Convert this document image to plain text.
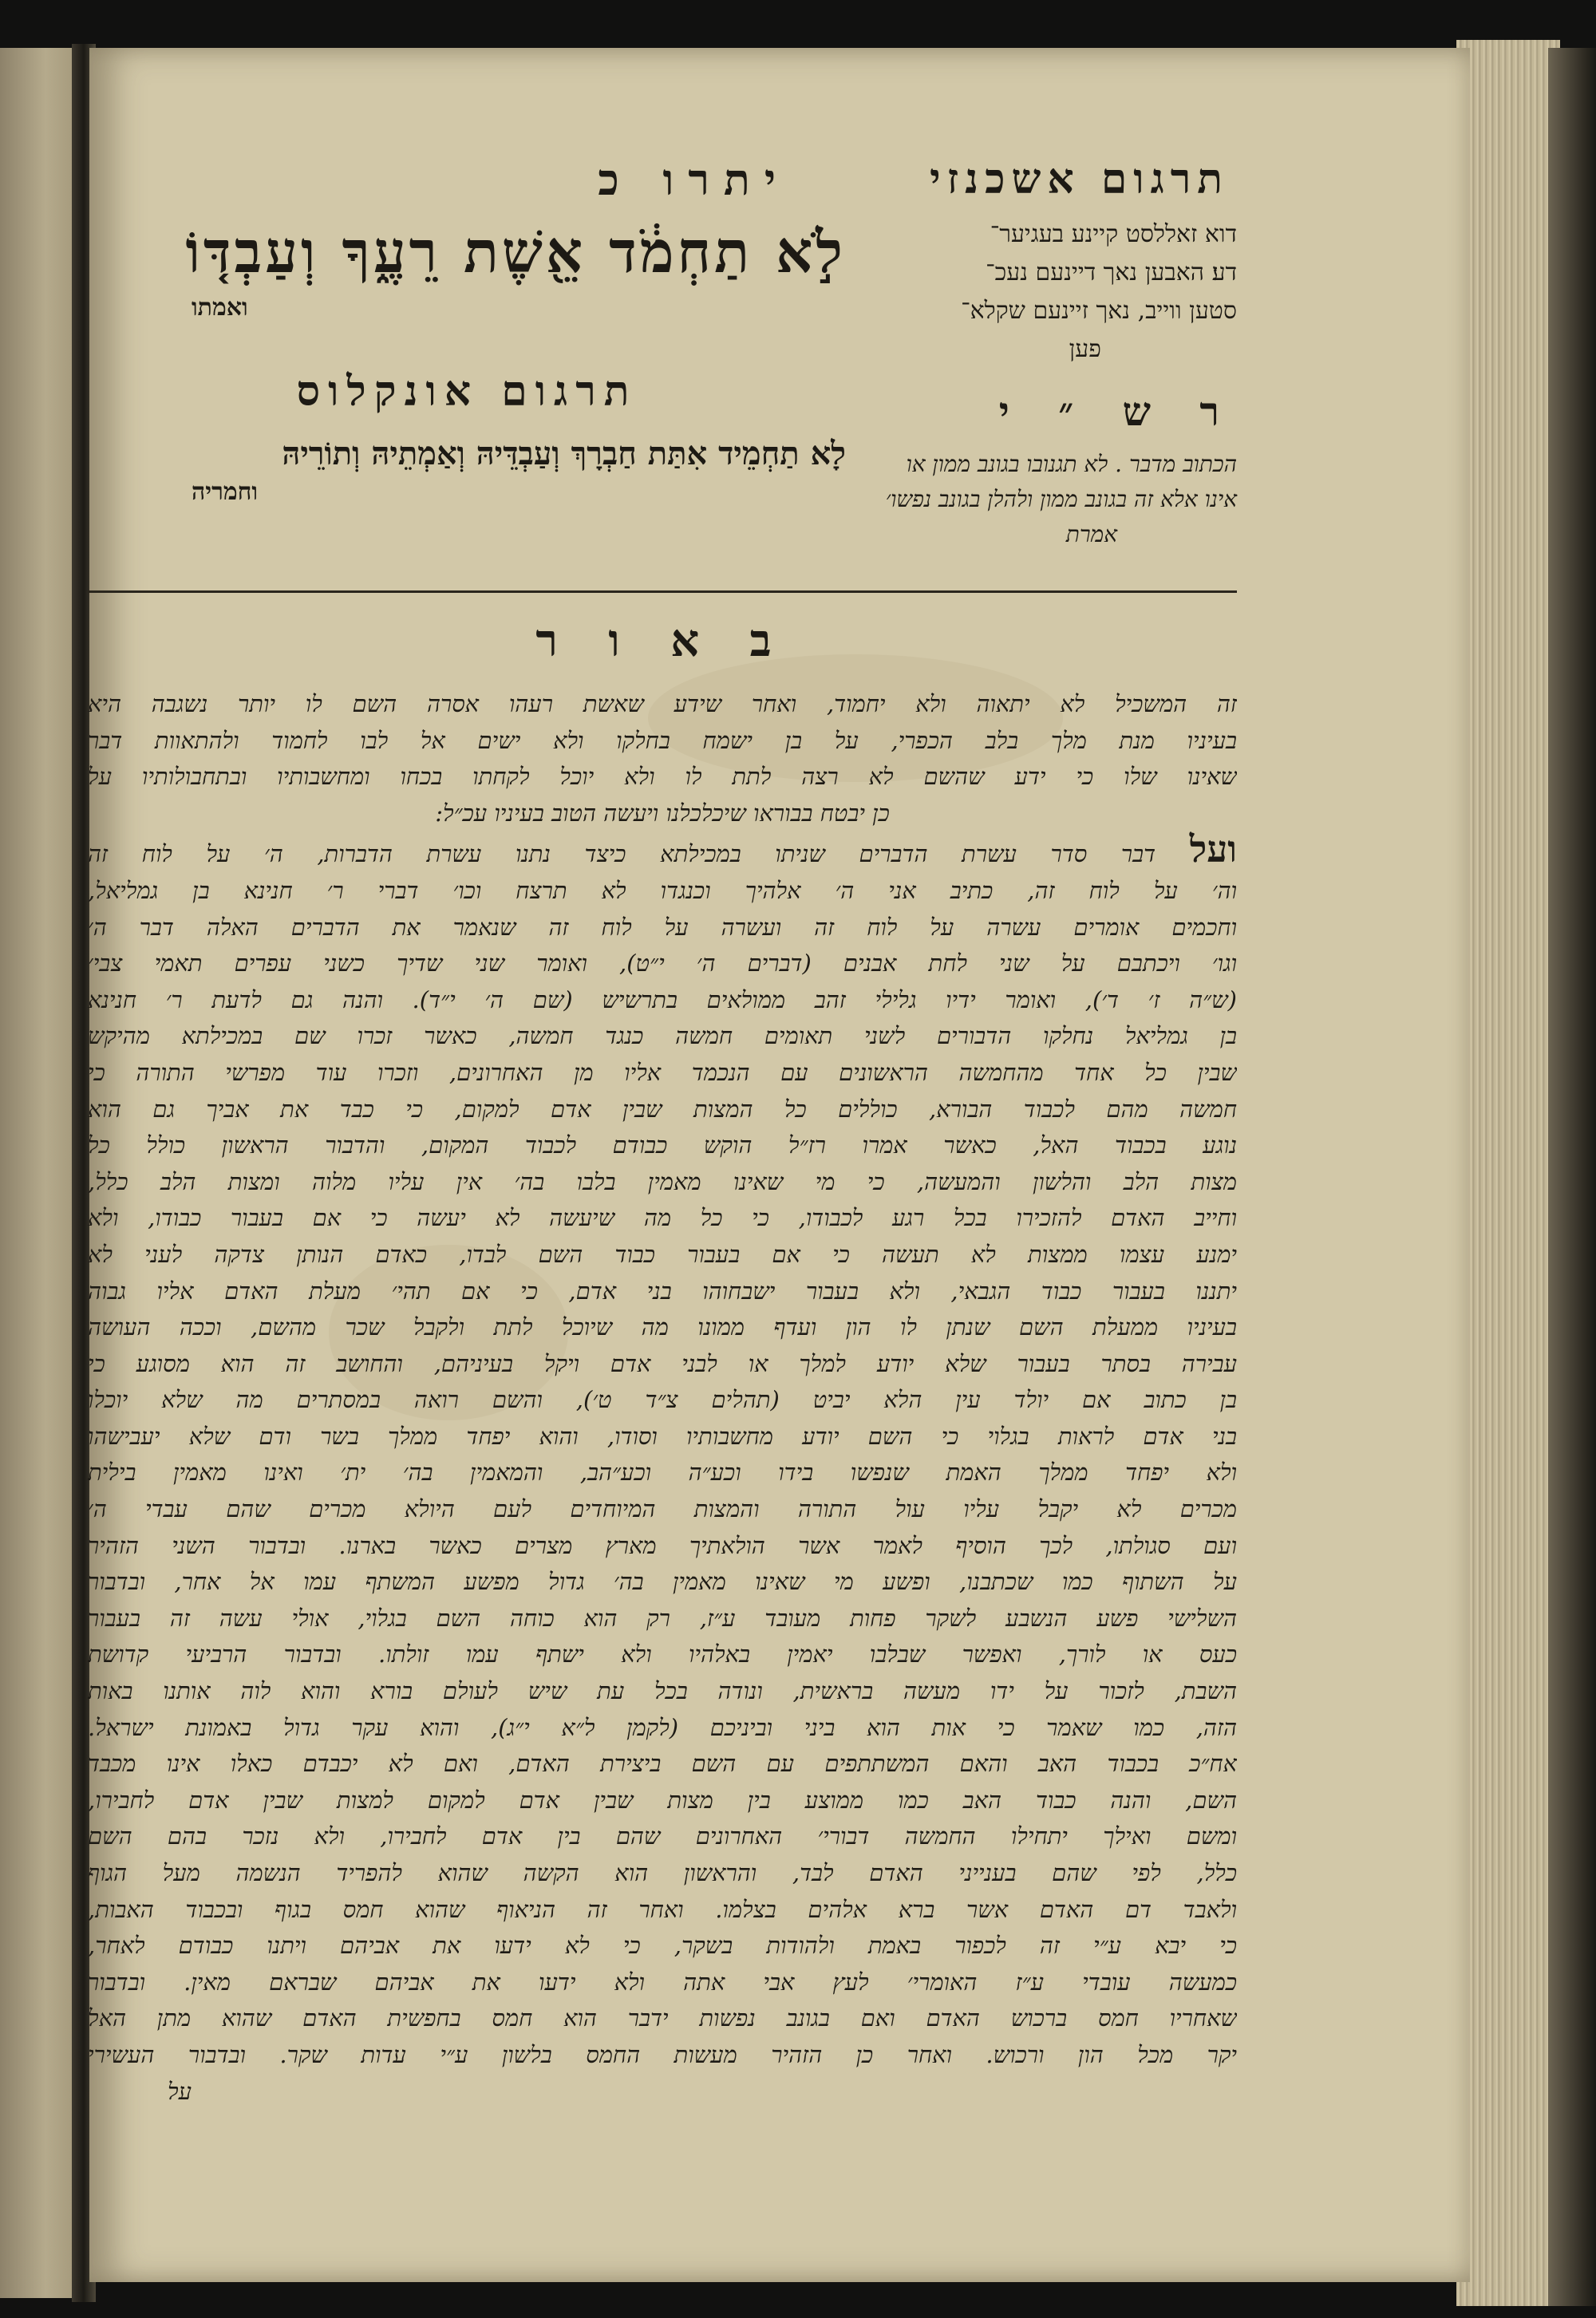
תרגום אשכנזי
דוא זאללסט קיינע בעגיער־
דע׃ האבען נאך דיינעם נעכ־
סטען ווייב, נאך זיינעם שקלא־
פען
ר ש ״ י
הכתוב מדבר . לא תגנובו בגונב ממון או
אינו אלא זה בגונב ממון ולהלן בגונב נפשו׳
אמרת
יתרו כ
לֹ֣א תַחְמֹ֔ד אֵ֖שֶׁת רֵעֶ֑ךָ וְעַבְדּ֤וֹ
ואמתו
תרגום אונקלוס
לָא תַחְמֵיד אִתַּת חַבְרָךְ וְעַבְדֵּיהּ וְאַמְתֵיהּ וְתוֹרֵיהּ
וחמריה
ב א ו ר
זה המשכיל לא יתאוה ולא יחמוד, ואחר שידע שאשת רעהו אסרה השם לו יותר נשגבה היא
בעיניו מנת מלך בלב הכפרי, על בן ישמח בחלקו ולא ישים אל לבו לחמוד ולהתאוות דבר
שאינו שלו כי ידע שהשם לא רצה לתת לו ולא יוכל לקחתו בכחו ומחשבותיו ובתחבולותיו על
כן יבטח בבוראו שיכלכלנו ויעשה הטוב בעיניו עכ״ל:
ועל דבר סדר עשרת הדברים שניתו במכילתא כיצד נתנו עשרת הדברות, ה׳ על לוח זה
וה׳ על לוח זה, כתיב אני ה׳ אלהיך וכנגדו לא תרצח וכו׳ דברי ר׳ חנינא בן גמליאל,
וחכמים אומרים עשרה על לוח זה ועשרה על לוח זה שנאמר את הדברים האלה דבר ה׳
וגו׳ ויכתבם על שני לחת אבנים (דברים ה׳ י״ט), ואומר שני שדיך כשני עפרים תאמי צבי׳
(ש״ה ז׳ ד׳), ואומר ידיו גלילי זהב ממולאים בתרשיש (שם ה׳ י״ד). והנה גם לדעת ר׳ חנינא
בן גמליאל נחלקו הדבורים לשני תאומים חמשה כנגד חמשה, כאשר זכרו שם במכילתא מהיקש
שבין כל אחד מהחמשה הראשונים עם הנכמד אליו מן האחרונים, וזכרו עוד מפרשי התורה כי
חמשה מהם לכבוד הבורא, כוללים כל המצות שבין אדם למקום, כי כבד את אביך גם הוא
נוגע בכבוד האל, כאשר אמרו רז״ל הוקש כבודם לכבוד המקום, והדבור הראשון כולל כל
מצות הלב והלשון והמעשה, כי מי שאינו מאמין בלבו בה׳ אין עליו מלוה ומצות הלב כלל,
וחייב האדם להזכירו בכל רגע לכבודו, כי כל מה שיעשה לא יעשה כי אם בעבור כבודו, ולא
ימנע עצמו ממצות לא תעשה כי אם בעבור כבוד השם לבדו, כאדם הנותן צדקה לעני לא
יתננו בעבור כבוד הגבאי, ולא בעבור ישבחוהו בני אדם, כי אם תהי׳ מעלת האדם אליו גבוה
בעיניו ממעלת השם שנתן לו הון ועדף ממונו מה שיוכל לתת ולקבל שכר מהשם, וככה העושה
עבירה בסתר בעבור שלא יודע למלך או לבני אדם ויקל בעיניהם, והחושב זה הוא מסוגע כי
בן כתוב אם יולד עין הלא יביט (תהלים צ״ד ט׳), והשם רואה במסתרים מה שלא יוכלו
בני אדם לראות בגלוי כי השם יודע מחשבותיו וסודו, והוא יפחד ממלך בשר ודם שלא יעבישהו
ולא יפחד ממלך האמת שנפשו בידו וכע״ה וכע״הב, והמאמין בה׳ ית׳ ואינו מאמין בילית
מכרים לא יקבל עליו עול התורה והמצות המיוחדים לעם היולא מכרים שהם עבדי ה׳
ועם סגולתו, לכך הוסיף לאמר אשר הולאתיך מארץ מצרים כאשר בארנו. ובדבור השני הזהיר
על השתוף כמו שכתבנו, ופשע מי שאינו מאמין בה׳ גדול מפשע המשתף עמו אל אחר, ובדבור
השלישי פשע הנשבע לשקר פחות מעובד ע״ז, רק הוא כוחה השם בגלוי, אולי עשה זה בעבור
כעס או לורך, ואפשר שבלבו יאמין באלהיו ולא ישתף עמו זולתו. ובדבור הרביעי קדושת
השבת, לזכור על ידו מעשה בראשית, ונודה בכל עת שיש לעולם בורא והוא לוה אותנו באות
הזה, כמו שאמר כי אות הוא ביני וביניכם (לקמן ל״א י״ג), והוא עקר גדול באמונת ישראל.
אח״כ בכבוד האב והאם המשתתפים עם השם ביצירת האדם, ואם לא יכבדם כאלו אינו מכבד
השם, והנה כבוד האב כמו ממוצע בין מצות שבין אדם למקום למצות שבין אדם לחבירו,
ומשם ואילך יתחילו החמשה דבורי׳ האחרונים שהם בין אדם לחבירו, ולא נזכר בהם השם
כלל, לפי שהם בענייני האדם לבד, והראשון הוא הקשה שהוא להפריד הנשמה מעל הגוף
ולאבד דם האדם אשר ברא אלהים בצלמו. ואחר זה הניאוף שהוא חמס בגוף ובכבוד האבות,
כי יבא ע״י זה לכפור באמת ולהודות בשקר, כי לא ידעו את אביהם ויתנו כבודם לאחר,
כמעשה עובדי ע״ז האומרי׳ לעץ אבי אתה ולא ידעו את אביהם שבראם מאין. ובדבור
שאחריו חמס ברכוש האדם ואם בגונב נפשות ידבר הוא חמס בחפשית האדם שהוא מתן האל
יקר מכל הון ורכוש. ואחר כן הזהיר מעשות החמס בלשון ע״י עדות שקר. ובדבור העשירי
על
